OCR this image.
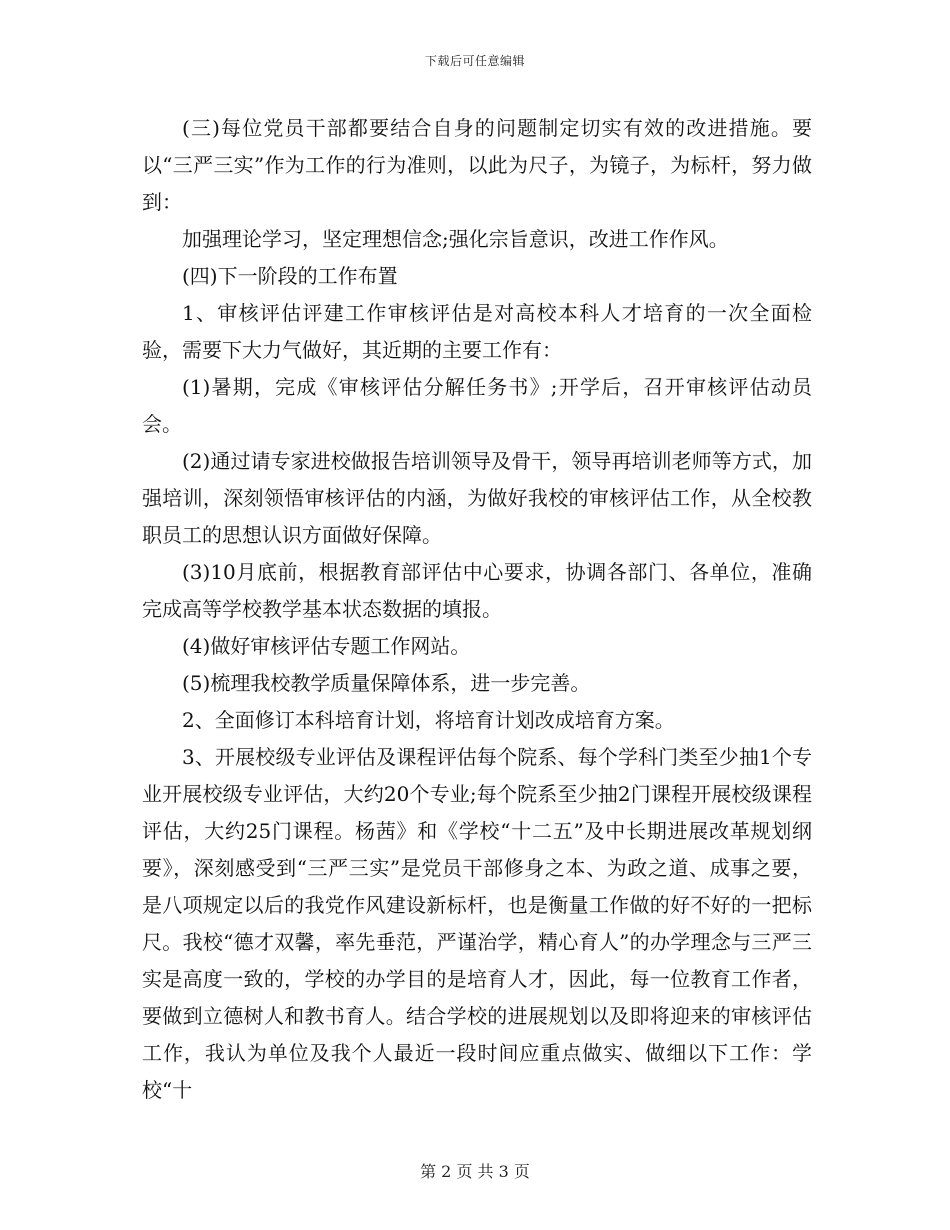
下载后可任意编辑

(三)每位党员干部都要结合自身的问题制定切实有效的改进措施。要以“三严三实”作为工作的行为准则，以此为尺子，为镜子，为标杆，努力做到：

加强理论学习，坚定理想信念;强化宗旨意识，改进工作作风。

(四)下一阶段的工作布置

1、审核评估评建工作审核评估是对高校本科人才培育的一次全面检验，需要下大力气做好，其近期的主要工作有：

(1)暑期，完成《审核评估分解任务书》;开学后，召开审核评估动员会。

(2)通过请专家进校做报告培训领导及骨干，领导再培训老师等方式，加强培训，深刻领悟审核评估的内涵，为做好我校的审核评估工作，从全校教职员工的思想认识方面做好保障。

(3)10月底前，根据教育部评估中心要求，协调各部门、各单位，准确完成高等学校教学基本状态数据的填报。

(4)做好审核评估专题工作网站。

(5)梳理我校教学质量保障体系，进一步完善。

2、全面修订本科培育计划，将培育计划改成培育方案。

3、开展校级专业评估及课程评估每个院系、每个学科门类至少抽1个专业开展校级专业评估，大约20个专业;每个院系至少抽2门课程开展校级课程评估，大约25门课程。杨茜》和《学校“十二五”及中长期进展改革规划纲要》，深刻感受到“三严三实”是党员干部修身之本、为政之道、成事之要，是八项规定以后的我党作风建设新标杆，也是衡量工作做的好不好的一把标尺。我校“德才双馨，率先垂范，严谨治学，精心育人”的办学理念与三严三实是高度一致的，学校的办学目的是培育人才，因此，每一位教育工作者，要做到立德树人和教书育人。结合学校的进展规划以及即将迎来的审核评估工作，我认为单位及我个人最近一段时间应重点做实、做细以下工作：学校“十

第 2 页 共 3 页
